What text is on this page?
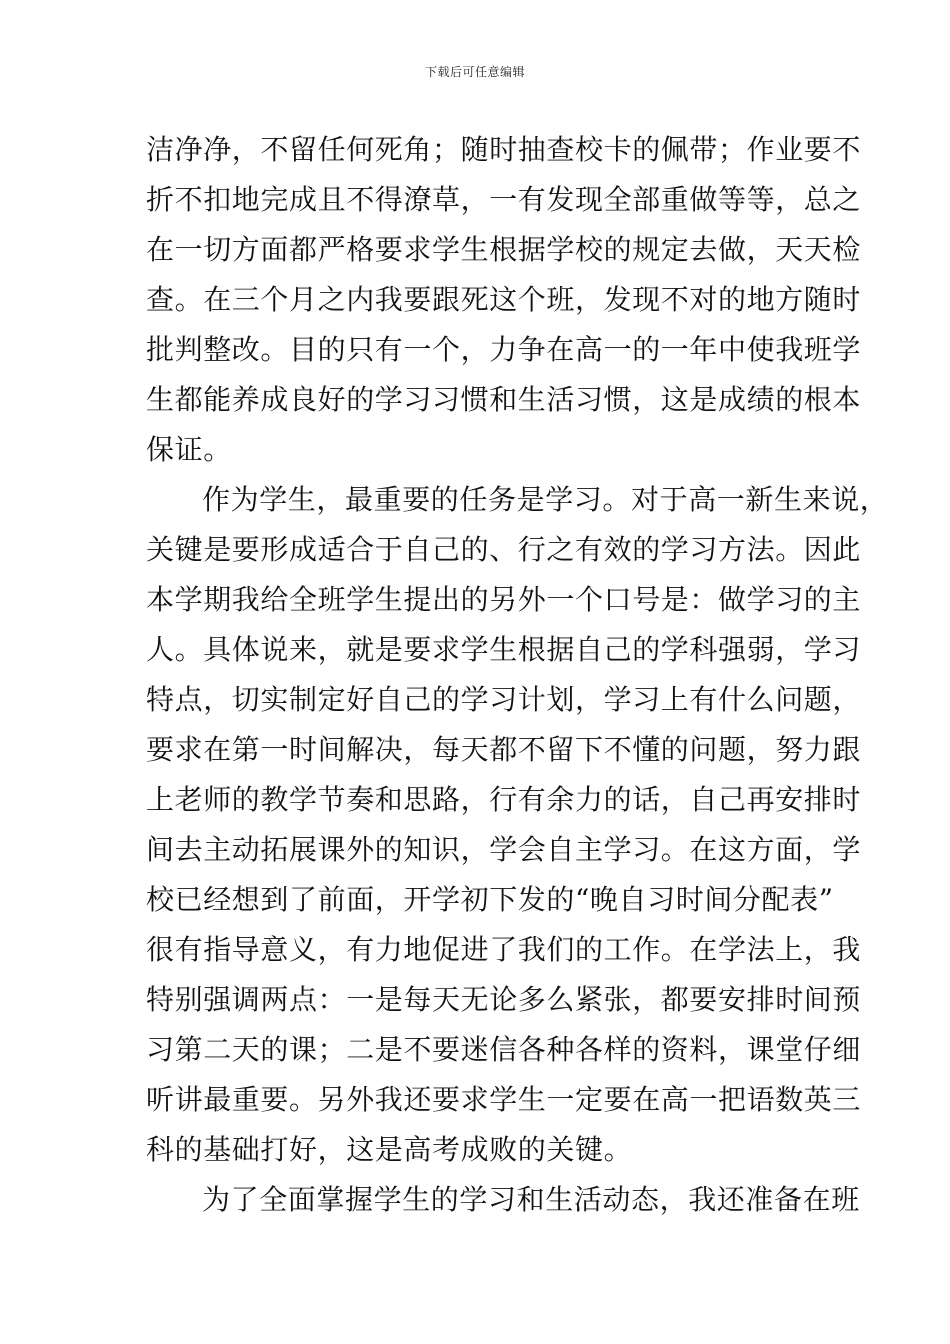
下载后可任意编辑
洁净净，不留任何死角；随时抽查校卡的佩带；作业要不
折不扣地完成且不得潦草，一有发现全部重做等等，总之
在一切方面都严格要求学生根据学校的规定去做，天天检
查。在三个月之内我要跟死这个班，发现不对的地方随时
批判整改。目的只有一个，力争在高一的一年中使我班学
生都能养成良好的学习习惯和生活习惯，这是成绩的根本
保证。
作为学生，最重要的任务是学习。对于高一新生来说，
关键是要形成适合于自己的、行之有效的学习方法。因此
本学期我给全班学生提出的另外一个口号是：做学习的主
人。具体说来，就是要求学生根据自己的学科强弱，学习
特点，切实制定好自己的学习计划，学习上有什么问题，
要求在第一时间解决，每天都不留下不懂的问题，努力跟
上老师的教学节奏和思路，行有余力的话，自己再安排时
间去主动拓展课外的知识，学会自主学习。在这方面，学
校已经想到了前面，开学初下发的“晚自习时间分配表”
很有指导意义，有力地促进了我们的工作。在学法上，我
特别强调两点：一是每天无论多么紧张，都要安排时间预
习第二天的课；二是不要迷信各种各样的资料，课堂仔细
听讲最重要。另外我还要求学生一定要在高一把语数英三
科的基础打好，这是高考成败的关键。
为了全面掌握学生的学习和生活动态，我还准备在班
